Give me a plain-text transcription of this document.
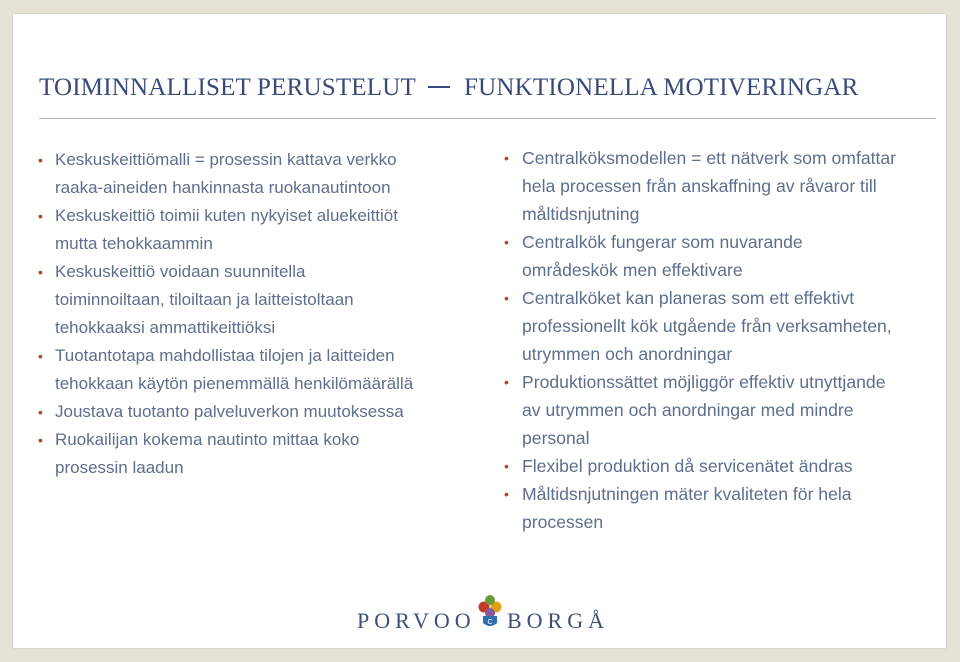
TOIMINNALLISET PERUSTELUT FUNKTIONELLA MOTIVERINGAR
• Keskuskeittiömalli = prosessin kattava verkko
raaka-aineiden hankinnasta ruokanautintoon
• Keskuskeittiö toimii kuten nykyiset aluekeittiöt
mutta tehokkaammin
• Keskuskeittiö voidaan suunnitella
toiminnoiltaan, tiloiltaan ja laitteistoltaan
tehokkaaksi ammattikeittiöksi
• Tuotantotapa mahdollistaa tilojen ja laitteiden
tehokkaan käytön pienemmällä henkilömäärällä
• Joustava tuotanto palveluverkon muutoksessa
• Ruokailijan kokema nautinto mittaa koko
prosessin laadun
• Centralköksmodellen = ett nätverk som omfattar
hela processen från anskaffning av råvaror till
måltidsnjutning
• Centralkök fungerar som nuvarande
områdeskök men effektivare
• Centralköket kan planeras som ett effektivt
professionellt kök utgående från verksamheten,
utrymmen och anordningar
• Produktionssättet möjliggör effektiv utnyttjande
av utrymmen och anordningar med mindre
personal
• Flexibel produktion då servicenätet ändras
• Måltidsnjutningen mäter kvaliteten för hela
processen
PORVOO C BORGÅ
